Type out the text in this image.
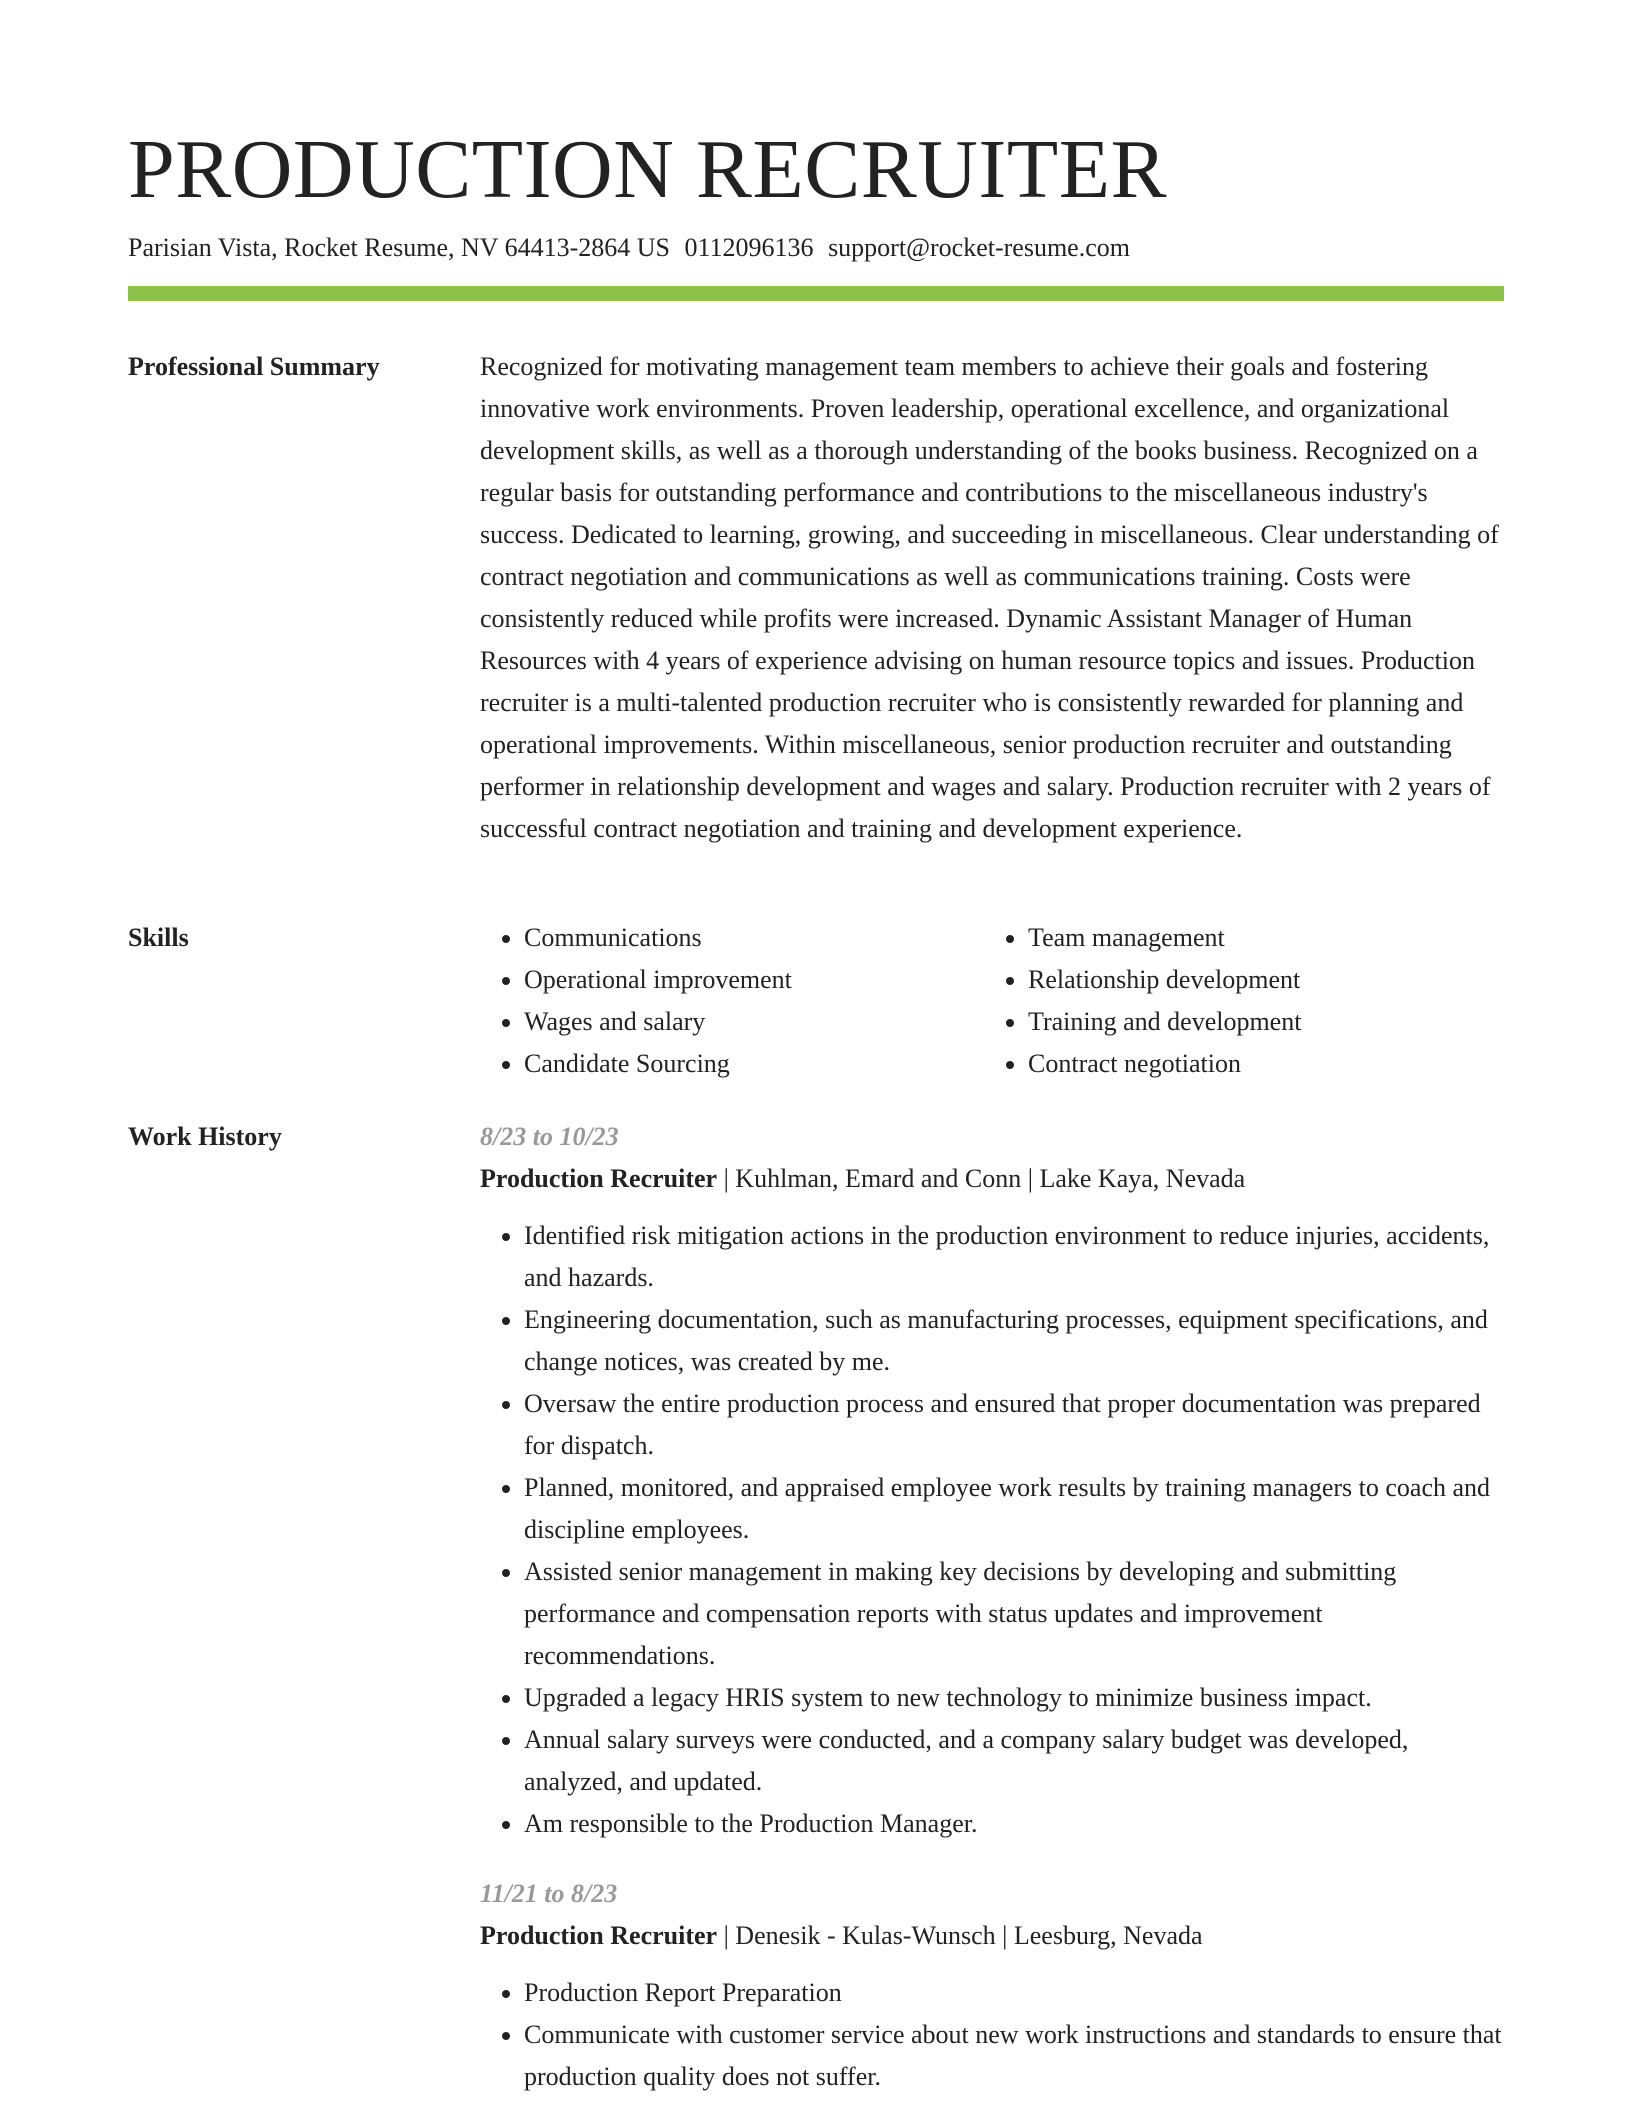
PRODUCTION RECRUITER
Parisian Vista, Rocket Resume, NV 64413-2864 US 0112096136 support@rocket-resume.com
Professional Summary	Recognized for motivating management team members to achieve their goals and fostering innovative work environments. Proven leadership, operational excellence, and organizational development skills, as well as a thorough understanding of the books business. Recognized on a regular basis for outstanding performance and contributions to the miscellaneous industry's success. Dedicated to learning, growing, and succeeding in miscellaneous. Clear understanding of contract negotiation and communications as well as communications training. Costs were consistently reduced while profits were increased. Dynamic Assistant Manager of Human Resources with 4 years of experience advising on human resource topics and issues. Production recruiter is a multi-talented production recruiter who is consistently rewarded for planning and operational improvements. Within miscellaneous, senior production recruiter and outstanding performer in relationship development and wages and salary. Production recruiter with 2 years of successful contract negotiation and training and development experience.

Skills
•	Communications
• Operational improvement
• Wages and salary
• Candidate Sourcing
• Team management
• Relationship development
• Training and development
• Contract negotiation
Work History	8/23 to 10/23
Production Recruiter | Kuhlman, Emard and Conn | Lake Kaya, Nevada
• Identified risk mitigation actions in the production environment to reduce injuries, accidents, and hazards.
• Engineering documentation, such as manufacturing processes, equipment specifications, and change notices, was created by me.
• Oversaw the entire production process and ensured that proper documentation was prepared for dispatch.
• Planned, monitored, and appraised employee work results by training managers to coach and discipline employees.
• Assisted senior management in making key decisions by developing and submitting performance and compensation reports with status updates and improvement recommendations.
• Upgraded a legacy HRIS system to new technology to minimize business impact.
• Annual salary surveys were conducted, and a company salary budget was developed, analyzed, and updated.
• Am responsible to the Production Manager.
11/21 to 8/23
Production Recruiter | Denesik - Kulas-Wunsch | Leesburg, Nevada
• Production Report Preparation
• Communicate with customer service about new work instructions and standards to ensure that production quality does not suffer.
